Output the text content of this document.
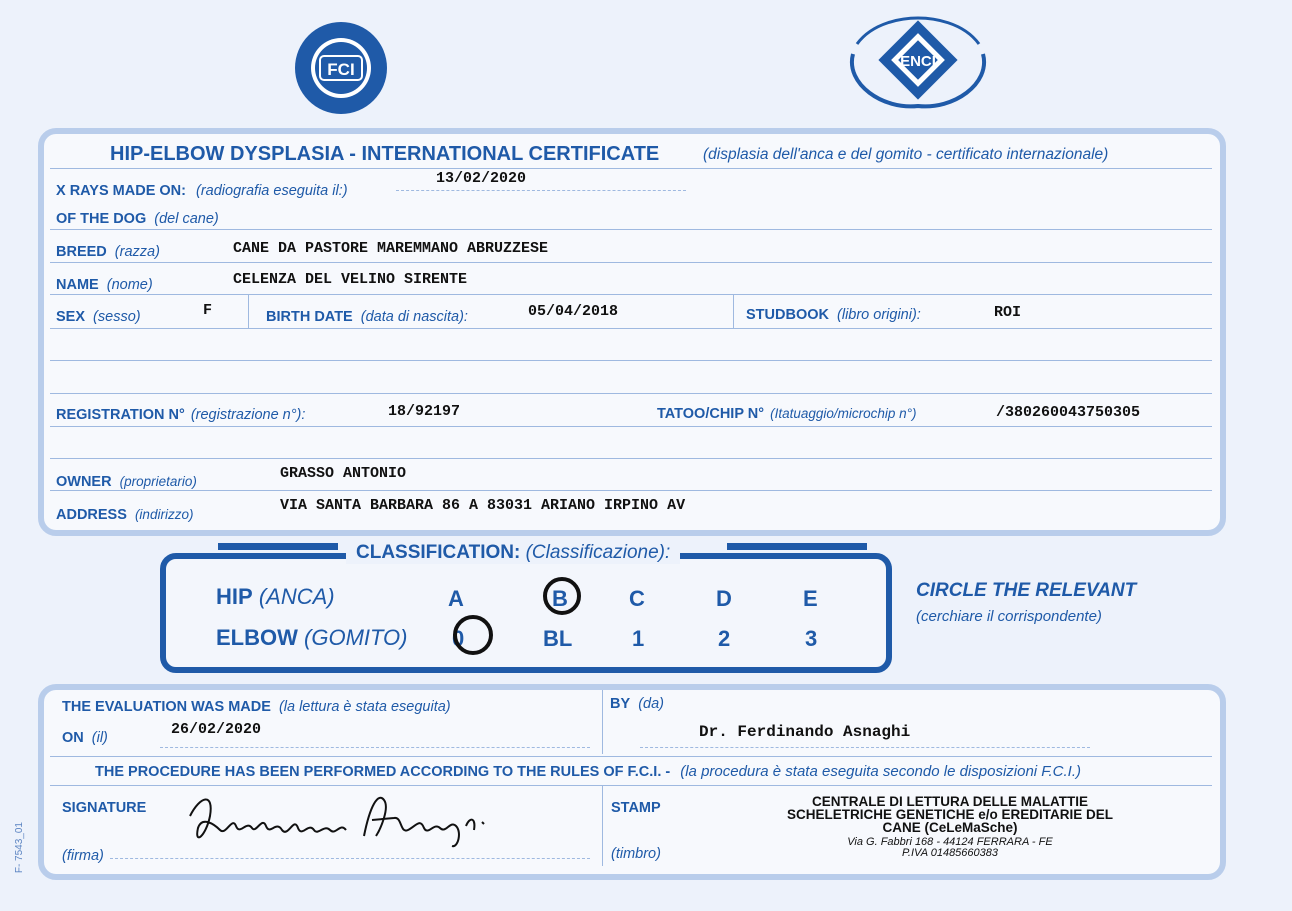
FCI	ENCI
HIP-ELBOW DYSPLASIA - INTERNATIONAL CERTIFICATE	(displasia dell'anca e del gomito - certificato internazionale)
X RAYS MADE ON: (radiografia eseguita il:)
13/02/2020
OF THE DOG (del cane)
BREED (razza)	CANE DA PASTORE MAREMMANO ABRUZZESE
NAME (nome)	CELENZA DEL VELINO SIRENTE
SEX (sesso)	F	BIRTH DATE (data di nascita):	05/04/2018	STUDBOOK (libro origini):	ROI
REGISTRATION N° (registrazione n°):	18/92197	TATOO/CHIP N° (Itatuaggio/microchip n°)	/380260043750305
OWNER (proprietario)	GRASSO ANTONIO
ADDRESS (indirizzo)
VIA SANTA BARBARA 86 A 83031 ARIANO IRPINO AV
CLASSIFICATION: (Classificazione):
HIP (ANCA)	A	B	C	D	E
ELBOW (GOMITO) 0	BL	1	2	3
CIRCLE THE RELEVANT
(cerchiare il corrispondente)
THE EVALUATION WAS MADE (la lettura è stata eseguita)
ON (il)	26/02/2020
BY (da)
Dr. Ferdinando Asnaghi
THE PROCEDURE HAS BEEN PERFORMED ACCORDING TO THE RULES OF F.C.I. - (la procedura è stata eseguita secondo le disposizioni F.C.I.)
SIGNATURE
(firma)
STAMP
(timbro)
CENTRALE DI LETTURA DELLE MALATTIE
SCHELETRICHE GENETICHE e/o EREDITARIE DEL
CANE (CeLeMaSche)
Via G. Fabbri 168 - 44124 FERRARA - FE
P.IVA 01485660383
F- 7543_01
